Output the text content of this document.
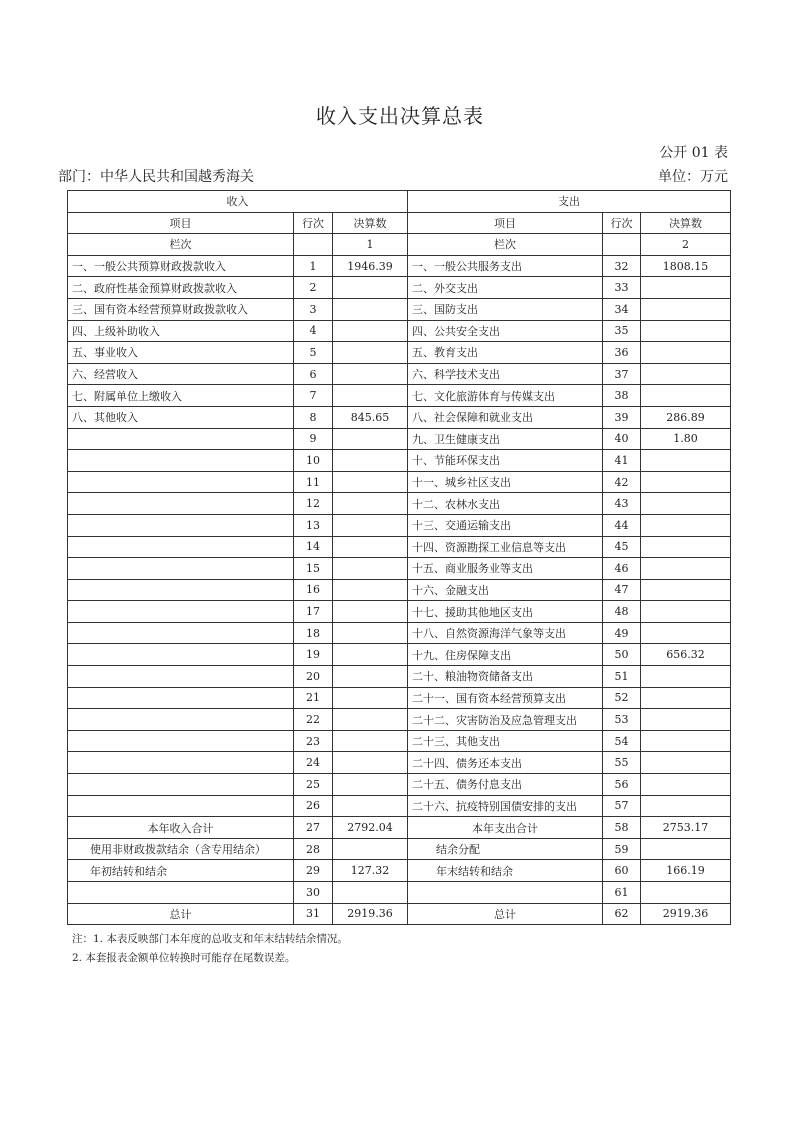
收入支出决算总表
公开 01 表
部门：中华人民共和国越秀海关	单位：万元
收入			支出		
项目	行次	决算数	项目	行次	决算数
栏次		1	栏次		2
一、一般公共预算财政拨款收入	1	1946.39	一、一般公共服务支出	32	1808.15
二、政府性基金预算财政拨款收入	2		二、外交支出	33	
三、国有资本经营预算财政拨款收入	3		三、国防支出	34	
四、上级补助收入	4		四、公共安全支出	35	
五、事业收入	5		五、教育支出	36	
六、经营收入	6		六、科学技术支出	37	
七、附属单位上缴收入	7		七、文化旅游体育与传媒支出	38	
八、其他收入	8	845.65	八、社会保障和就业支出	39	286.89
	9		九、卫生健康支出	40	1.80
	10		十、节能环保支出	41	
	11		十一、城乡社区支出	42	
	12		十二、农林水支出	43	
	13		十三、交通运输支出	44	
	14		十四、资源勘探工业信息等支出	45	
	15		十五、商业服务业等支出	46	
	16		十六、金融支出	47	
	17		十七、援助其他地区支出	48	
	18		十八、自然资源海洋气象等支出	49	
	19		十九、住房保障支出	50	656.32
	20		二十、粮油物资储备支出	51	
	21		二十一、国有资本经营预算支出	52	
	22		二十二、灾害防治及应急管理支出	53	
	23		二十三、其他支出	54	
	24		二十四、债务还本支出	55	
	25		二十五、债务付息支出	56	
	26		二十六、抗疫特别国债安排的支出	57	
本年收入合计	27	2792.04	本年支出合计	58	2753.17
使用非财政拨款结余（含专用结余）	28		结余分配	59	
年初结转和结余	29	127.32	年末结转和结余	60	166.19
	30			61	
总计	31	2919.36	总计	62	2919.36
注：1. 本表反映部门本年度的总收支和年末结转结余情况。
2. 本套报表金额单位转换时可能存在尾数误差。
